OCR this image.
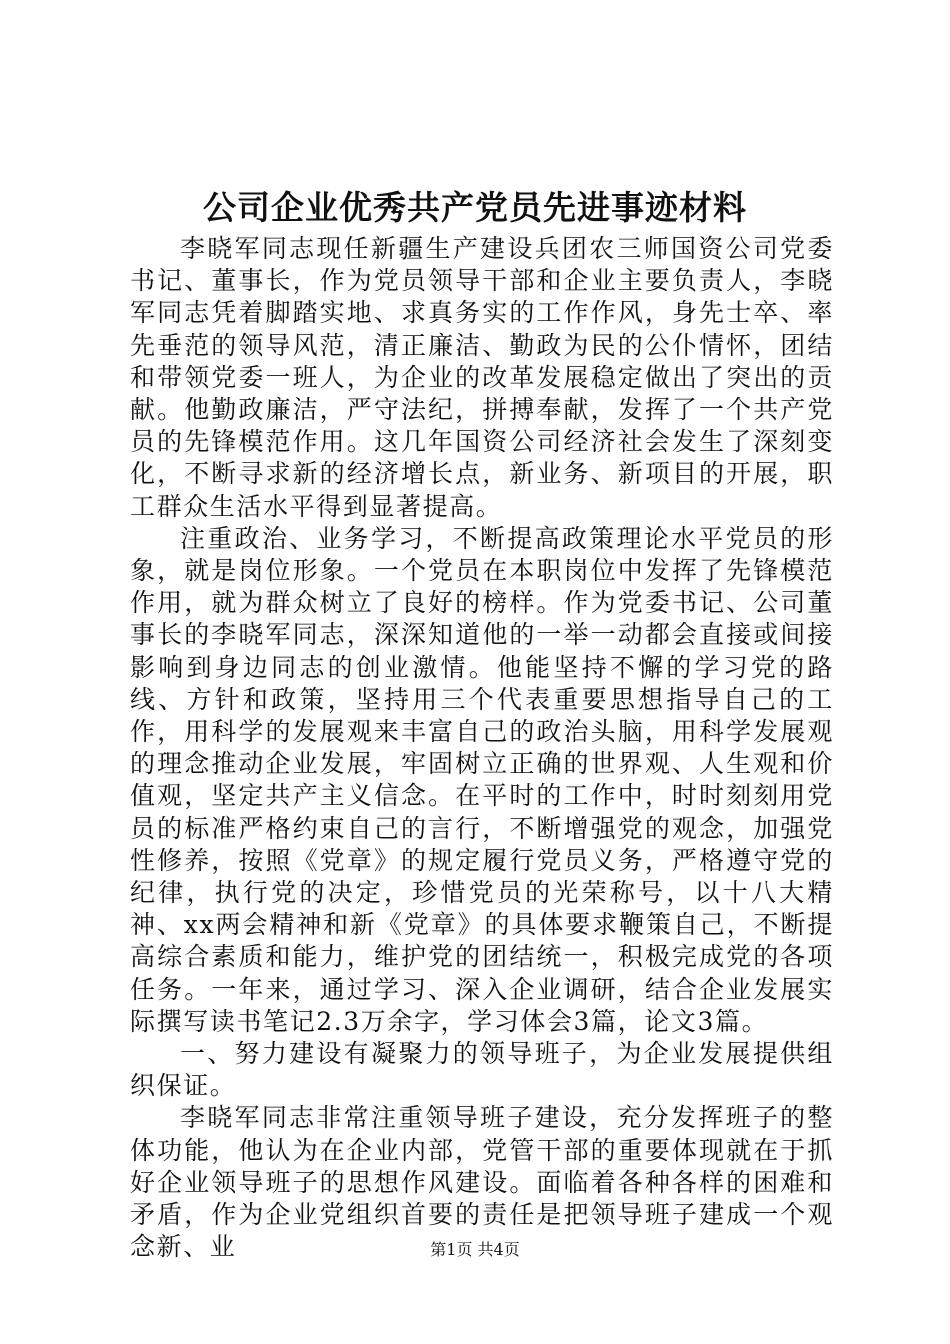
公司企业优秀共产党员先进事迹材料

李晓军同志现任新疆生产建设兵团农三师国资公司党委书记、董事长，作为党员领导干部和企业主要负责人，李晓军同志凭着脚踏实地、求真务实的工作作风，身先士卒、率先垂范的领导风范，清正廉洁、勤政为民的公仆情怀，团结和带领党委一班人，为企业的改革发展稳定做出了突出的贡献。他勤政廉洁，严守法纪，拼搏奉献，发挥了一个共产党员的先锋模范作用。这几年国资公司经济社会发生了深刻变化，不断寻求新的经济增长点，新业务、新项目的开展，职工群众生活水平得到显著提高。

注重政治、业务学习，不断提高政策理论水平党员的形象，就是岗位形象。一个党员在本职岗位中发挥了先锋模范作用，就为群众树立了良好的榜样。作为党委书记、公司董事长的李晓军同志，深深知道他的一举一动都会直接或间接影响到身边同志的创业激情。他能坚持不懈的学习党的路线、方针和政策，坚持用三个代表重要思想指导自己的工作，用科学的发展观来丰富自己的政治头脑，用科学发展观的理念推动企业发展，牢固树立正确的世界观、人生观和价值观，坚定共产主义信念。在平时的工作中，时时刻刻用党员的标准严格约束自己的言行，不断增强党的观念，加强党性修养，按照《党章》的规定履行党员义务，严格遵守党的纪律，执行党的决定，珍惜党员的光荣称号，以十八大精神、xx两会精神和新《党章》的具体要求鞭策自己，不断提高综合素质和能力，维护党的团结统一，积极完成党的各项任务。一年来，通过学习、深入企业调研，结合企业发展实际撰写读书笔记2.3万余字，学习体会3篇，论文3篇。

一、努力建设有凝聚力的领导班子，为企业发展提供组织保证。

李晓军同志非常注重领导班子建设，充分发挥班子的整体功能，他认为在企业内部，党管干部的重要体现就在于抓好企业领导班子的思想作风建设。面临着各种各样的困难和矛盾，作为企业党组织首要的责任是把领导班子建成一个观念新、业	第1页 共4页
